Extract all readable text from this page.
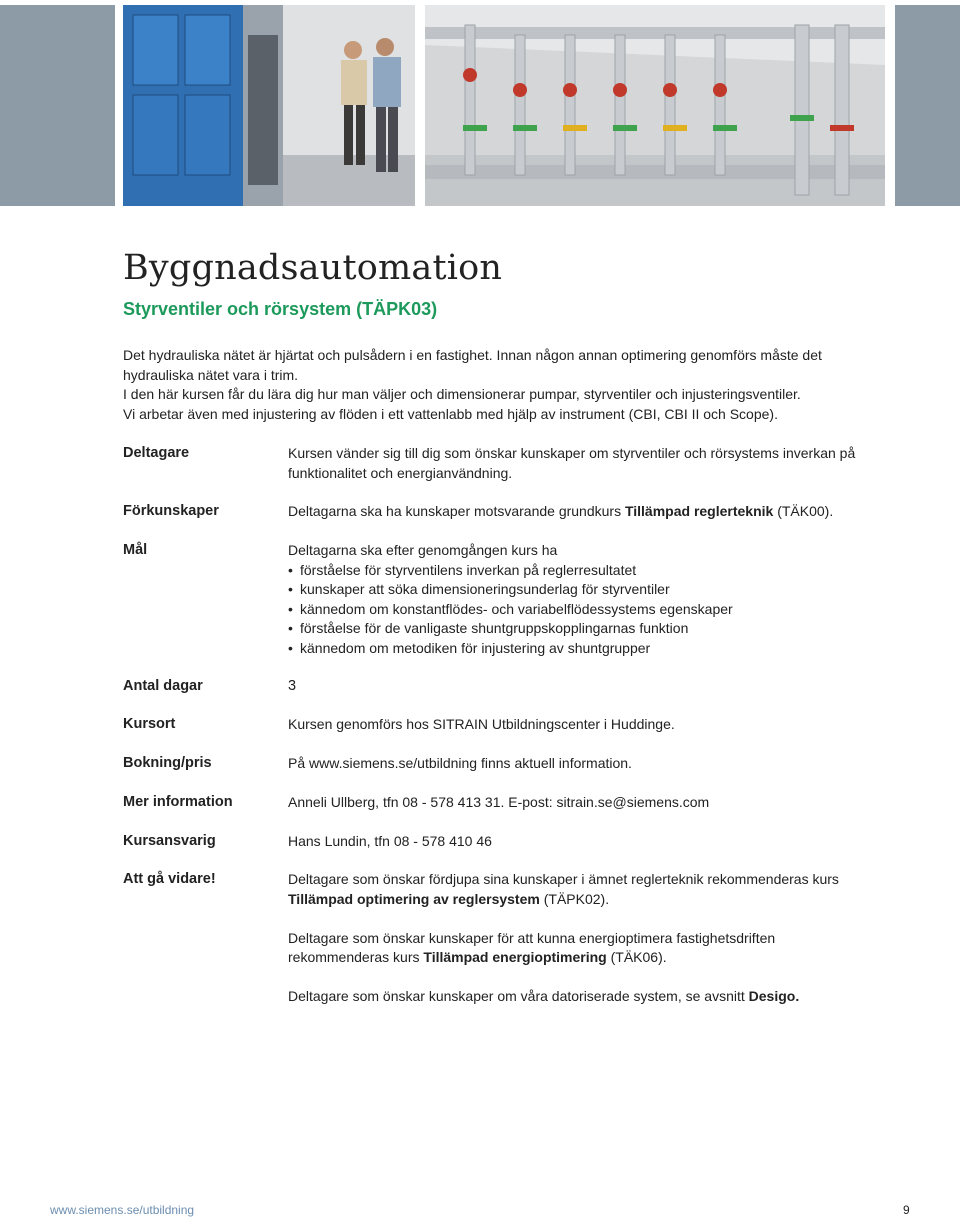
Byggnadsautomation
Styrventiler och rörsystem (TÄPK03)

Det hydrauliska nätet är hjärtat och pulsådern i en fastighet. Innan någon annan optimering genomförs måste det hydrauliska nätet vara i trim.

I den här kursen får du lära dig hur man väljer och dimensionerar pumpar, styrventiler och injusteringsventiler.

Vi arbetar även med injustering av flöden i ett vattenlabb med hjälp av instrument (CBI, CBI II och Scope).

Deltagare	Kursen vänder sig till dig som önskar kunskaper om styrventiler och rörsystems inverkan på funktionalitet och energianvändning.

Förkunskaper	Deltagarna ska ha kunskaper motsvarande grundkurs Tillämpad reglerteknik (TÄK00).

Mål	Deltagarna ska efter genomgången kurs ha

• förståelse för styrventilens inverkan på reglerresultatet
• kunskaper att söka dimensioneringsunderlag för styrventiler
• kännedom om konstantflödes- och variabelflödessystems egenskaper
• förståelse för de vanligaste shuntgruppskopplingarnas funktion
• kännedom om metodiken för injustering av shuntgrupper
Antal dagar	3
Kursort	Kursen genomförs hos SITRAIN Utbildningscenter i Huddinge.

Bokning/pris	På www.siemens.se/utbildning finns aktuell information.

Mer information	Anneli Ullberg, tfn 08 - 578 413 31. E-post: sitrain.se@siemens.com

Kursansvarig	Hans Lundin, tfn 08 - 578 410 46

Att gå vidare!	Deltagare som önskar fördjupa sina kunskaper i ämnet reglerteknik rekommenderas kurs Tillämpad optimering av reglersystem (TÄPK02).

Deltagare som önskar kunskaper för att kunna energioptimera fastighetsdriften rekommenderas kurs Tillämpad energioptimering (TÄK06).

Deltagare som önskar kunskaper om våra datoriserade system, se avsnitt Desigo.

www.siemens.se/utbildning	9
